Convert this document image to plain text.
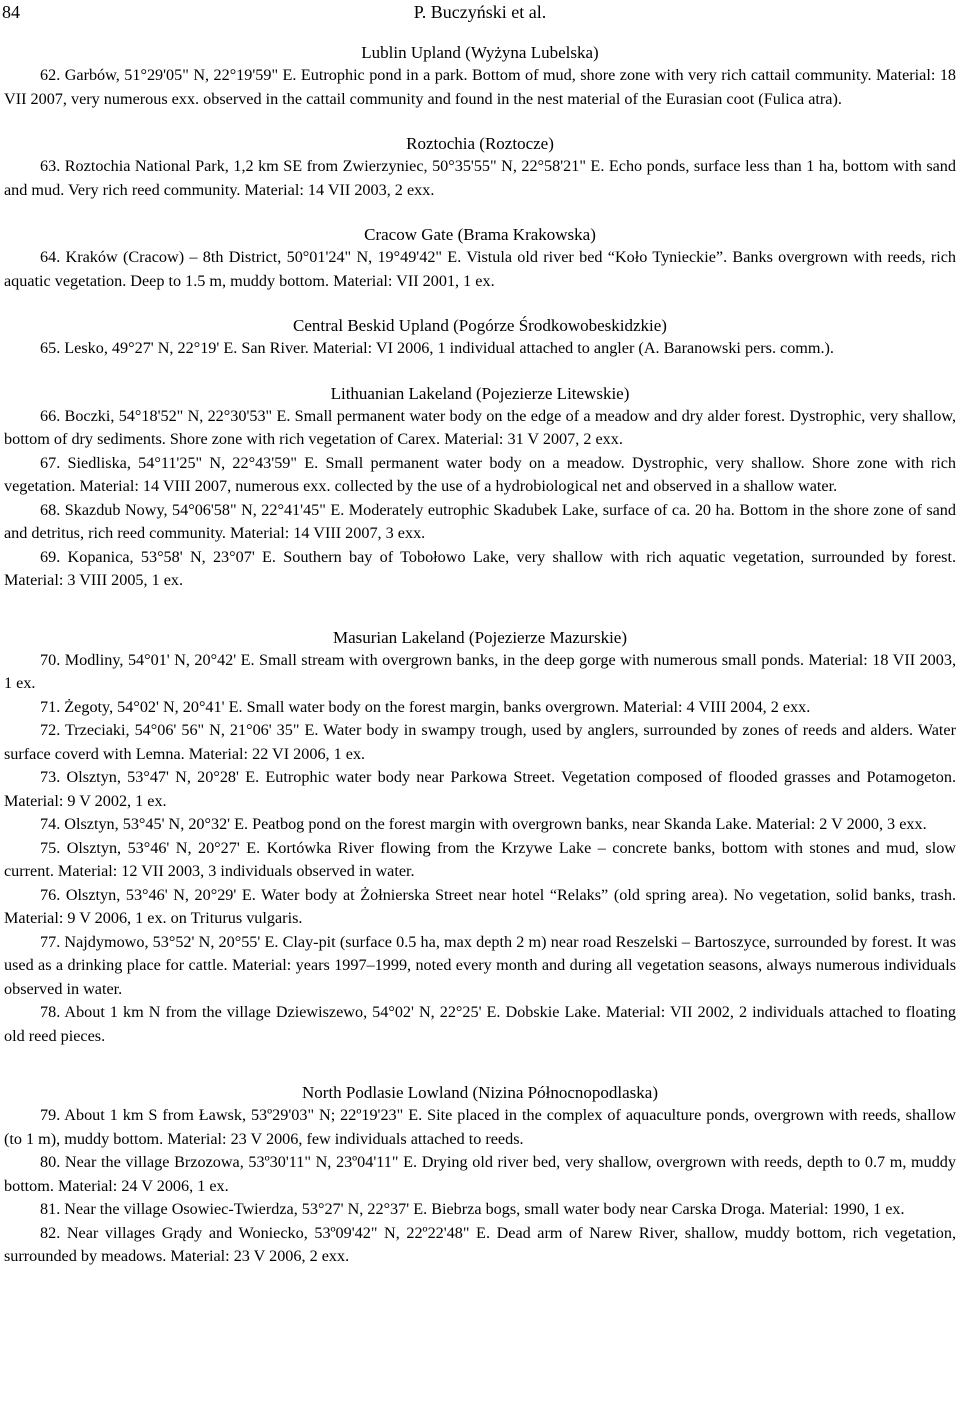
84	P. Buczyński et al.

Lublin Upland (Wyżyna Lubelska)

62. Garbów, 51°29'05" N, 22°19'59" E. Eutrophic pond in a park. Bottom of mud, shore zone with very rich cattail community. Material: 18 VII 2007, very numerous exx. observed in the cattail community and found in the nest material of the Eurasian coot (Fulica atra).

Roztochia (Roztocze)

63. Roztochia National Park, 1,2 km SE from Zwierzyniec, 50°35'55" N, 22°58'21" E. Echo ponds, surface less than 1 ha, bottom with sand and mud. Very rich reed community. Material: 14 VII 2003, 2 exx.

Cracow Gate (Brama Krakowska)

64. Kraków (Cracow) – 8th District, 50°01'24" N, 19°49'42" E. Vistula old river bed “Koło Tynieckie”. Banks overgrown with reeds, rich aquatic vegetation. Deep to 1.5 m, muddy bottom. Material: VII 2001, 1 ex.

Central Beskid Upland (Pogórze Środkowobeskidzkie)

65. Lesko, 49°27' N, 22°19' E. San River. Material: VI 2006, 1 individual attached to angler (A. Baranowski pers. comm.).

Lithuanian Lakeland (Pojezierze Litewskie)

66. Boczki, 54°18'52" N, 22°30'53" E. Small permanent water body on the edge of a meadow and dry alder forest. Dystrophic, very shallow, bottom of dry sediments. Shore zone with rich vegetation of Carex. Material: 31 V 2007, 2 exx.

67. Siedliska, 54°11'25" N, 22°43'59" E. Small permanent water body on a meadow. Dystrophic, very shallow. Shore zone with rich vegetation. Material: 14 VIII 2007, numerous exx. collected by the use of a hydrobiological net and observed in a shallow water.

68. Skazdub Nowy, 54°06'58" N, 22°41'45" E. Moderately eutrophic Skadubek Lake, surface of ca. 20 ha. Bottom in the shore zone of sand and detritus, rich reed community. Material: 14 VIII 2007, 3 exx.

69. Kopanica, 53°58' N, 23°07' E. Southern bay of Tobołowo Lake, very shallow with rich aquatic vegetation, surrounded by forest. Material: 3 VIII 2005, 1 ex.

Masurian Lakeland (Pojezierze Mazurskie)

70. Modliny, 54°01' N, 20°42' E. Small stream with overgrown banks, in the deep gorge with numerous small ponds. Material: 18 VII 2003, 1 ex.

71. Żegoty, 54°02' N, 20°41' E. Small water body on the forest margin, banks overgrown. Material: 4 VIII 2004, 2 exx.

72. Trzeciaki, 54°06' 56" N, 21°06' 35" E. Water body in swampy trough, used by anglers, surrounded by zones of reeds and alders. Water surface coverd with Lemna. Material: 22 VI 2006, 1 ex.

73. Olsztyn, 53°47' N, 20°28' E. Eutrophic water body near Parkowa Street. Vegetation composed of flooded grasses and Potamogeton. Material: 9 V 2002, 1 ex.

74. Olsztyn, 53°45' N, 20°32' E. Peatbog pond on the forest margin with overgrown banks, near Skanda Lake. Material: 2 V 2000, 3 exx.

75. Olsztyn, 53°46' N, 20°27' E. Kortówka River flowing from the Krzywe Lake – concrete banks, bottom with stones and mud, slow current. Material: 12 VII 2003, 3 individuals observed in water.

76. Olsztyn, 53°46' N, 20°29' E. Water body at Żołnierska Street near hotel “Relaks” (old spring area). No vegetation, solid banks, trash. Material: 9 V 2006, 1 ex. on Triturus vulgaris.

77. Najdymowo, 53°52' N, 20°55' E. Clay-pit (surface 0.5 ha, max depth 2 m) near road Reszelski – Bartoszyce, surrounded by forest. It was used as a drinking place for cattle. Material: years 1997–1999, noted every month and during all vegetation seasons, always numerous individuals observed in water.

78. About 1 km N from the village Dziewiszewo, 54°02' N, 22°25' E. Dobskie Lake. Material: VII 2002, 2 individuals attached to floating old reed pieces.

North Podlasie Lowland (Nizina Północnopodlaska)

79. About 1 km S from Ławsk, 53º29'03" N; 22º19'23" E. Site placed in the complex of aquaculture ponds, overgrown with reeds, shallow (to 1 m), muddy bottom. Material: 23 V 2006, few individuals attached to reeds.

80. Near the village Brzozowa, 53º30'11" N, 23º04'11" E. Drying old river bed, very shallow, overgrown with reeds, depth to 0.7 m, muddy bottom. Material: 24 V 2006, 1 ex.

81. Near the village Osowiec-Twierdza, 53°27' N, 22°37' E. Biebrza bogs, small water body near Carska Droga. Material: 1990, 1 ex.

82. Near villages Grądy and Woniecko, 53º09'42" N, 22º22'48" E. Dead arm of Narew River, shallow, muddy bottom, rich vegetation, surrounded by meadows. Material: 23 V 2006, 2 exx.
